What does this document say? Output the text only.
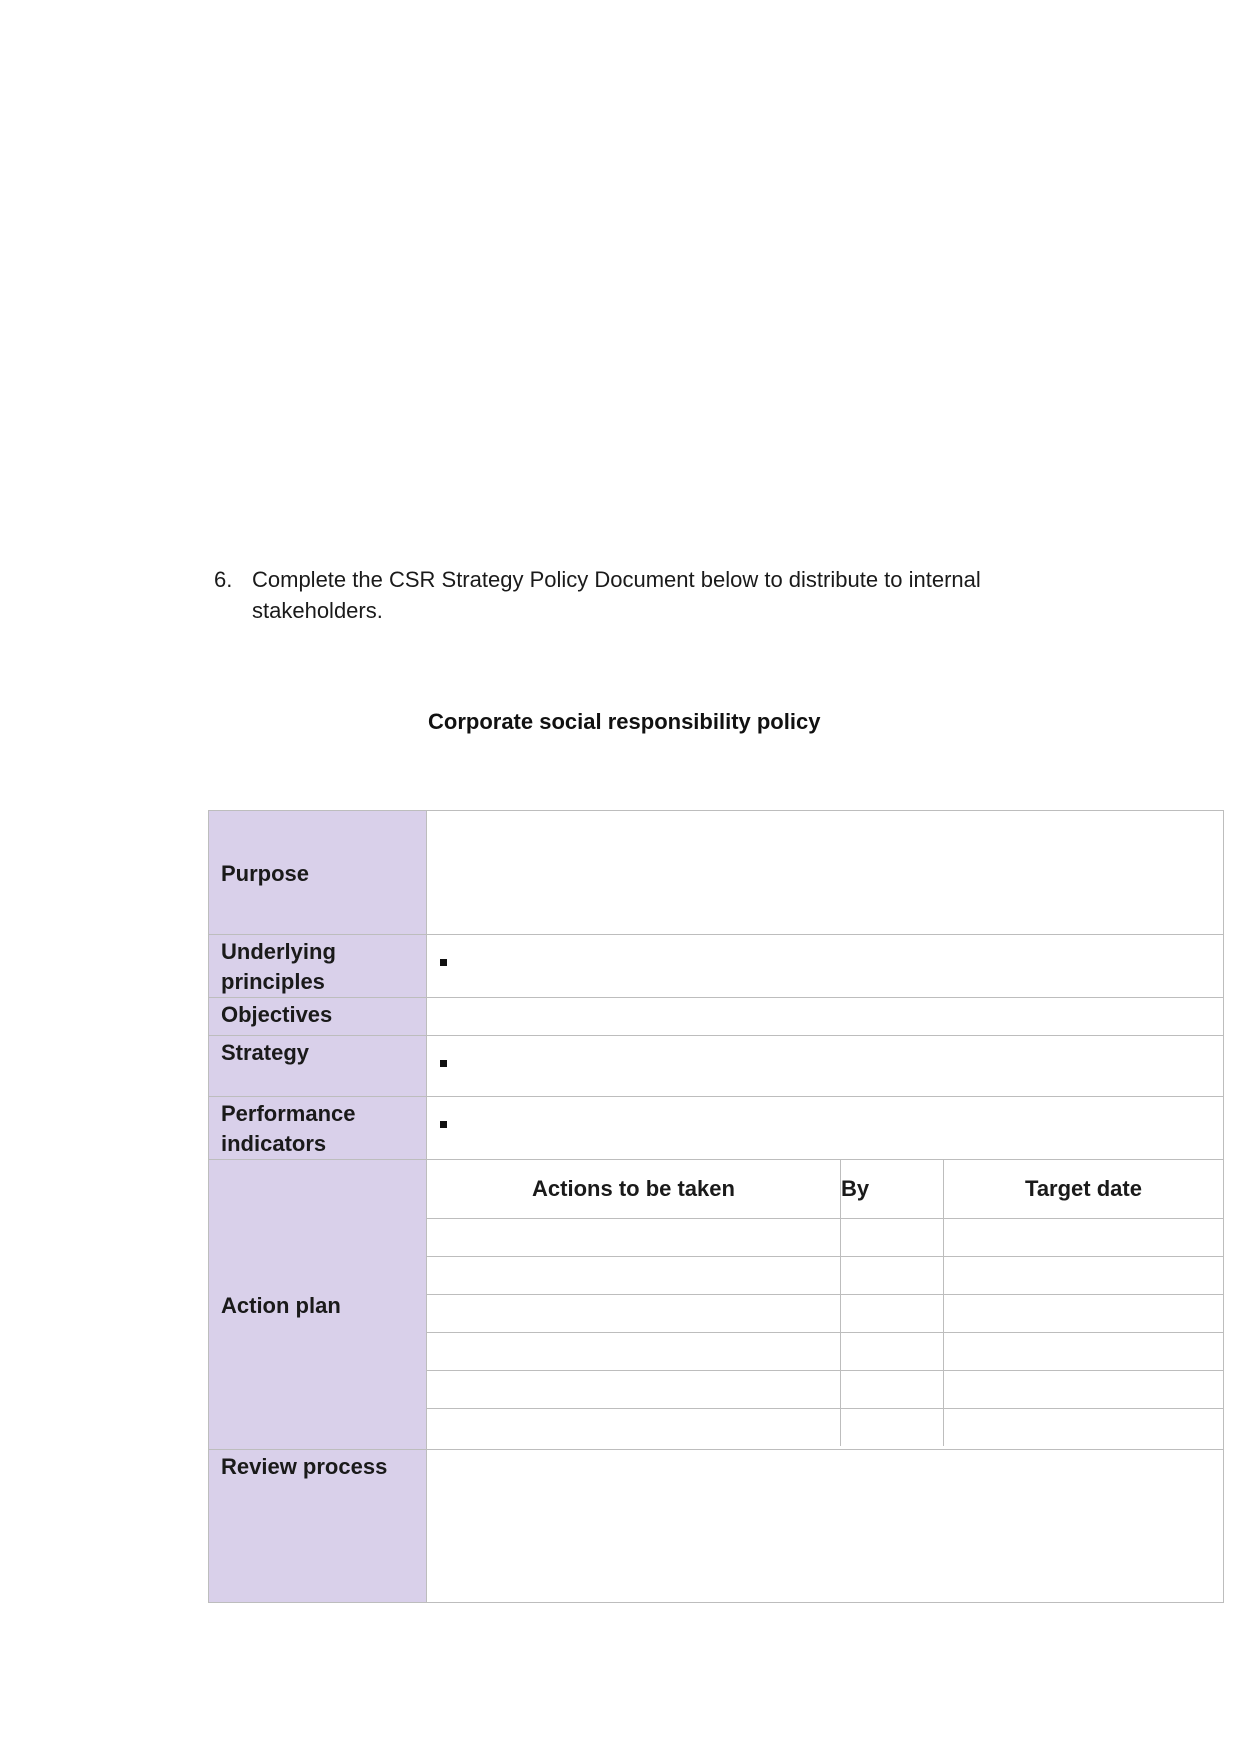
6. Complete the CSR Strategy Policy Document below to distribute to internal stakeholders.
Corporate social responsibility policy
Purpose	
Underlying principles	
Objectives	
Strategy	
Performance indicators	
Action plan	
Actions to be taken	By	Target date

Review process	
